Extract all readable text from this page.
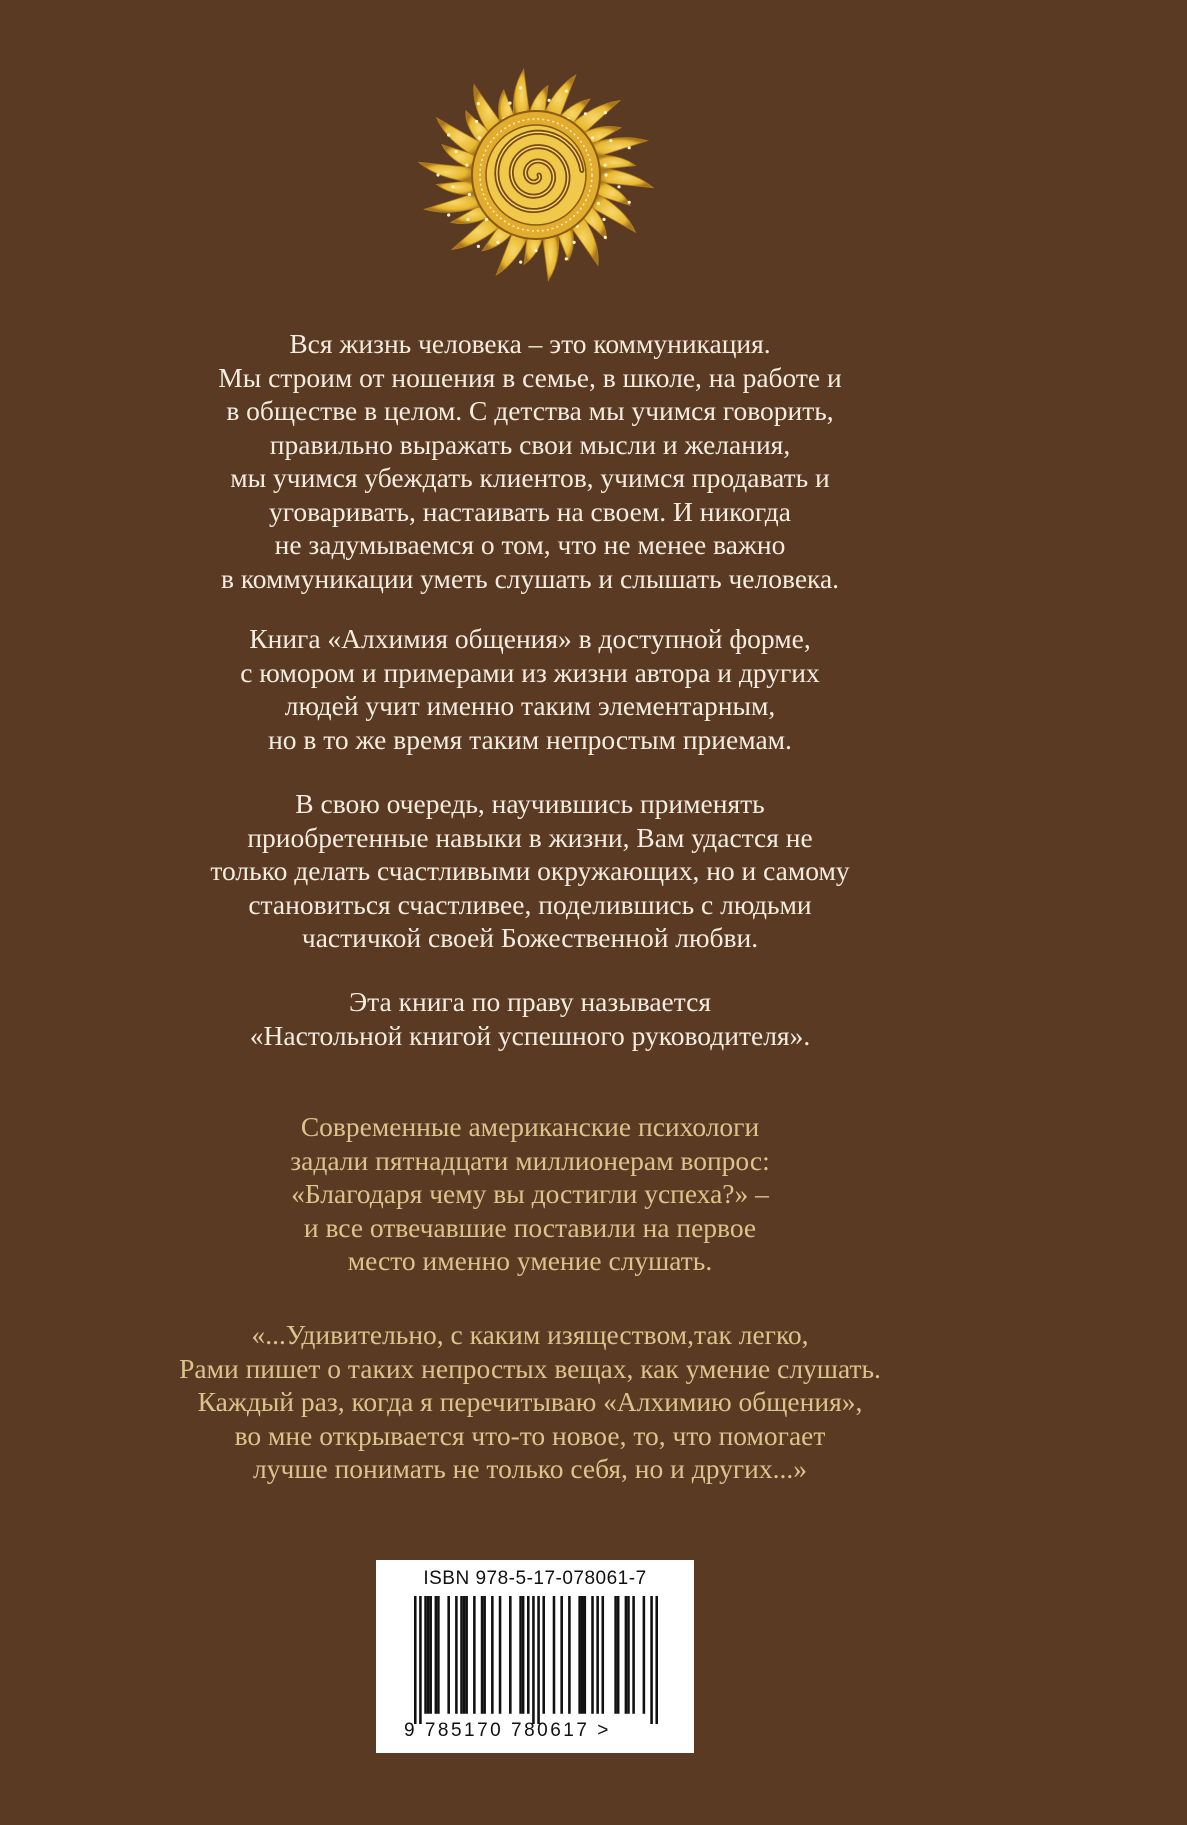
Вся жизнь человека – это коммуникация.
Мы строим от ношения в семье, в школе, на работе и
в обществе в целом. С детства мы учимся говорить,
правильно выражать свои мысли и желания,
мы учимся убеждать клиентов, учимся продавать и
уговаривать, настаивать на своем. И никогда
не задумываемся о том, что не менее важно
в коммуникации уметь слушать и слышать человека.
Книга «Алхимия общения» в доступной форме,
с юмором и примерами из жизни автора и других
людей учит именно таким элементарным,
но в то же время таким непростым приемам.
В свою очередь, научившись применять
приобретенные навыки в жизни, Вам удастся не
только делать счастливыми окружающих, но и самому
становиться счастливее, поделившись с людьми
частичкой своей Божественной любви.
Эта книга по праву называется
«Настольной книгой успешного руководителя».
Современные американские психологи
задали пятнадцати миллионерам вопрос:
«Благодаря чему вы достигли успеха?» –
и все отвечавшие поставили на первое
место именно умение слушать.
«...Удивительно, с каким изяществом,так легко,
Рами пишет о таких непростых вещах, как умение слушать.
Каждый раз, когда я перечитываю «Алхимию общения»,
во мне открывается что-то новое, то, что помогает
лучше понимать не только себя, но и других...»
ISBN 978-5-17-078061-7
9 785170 780617 >
